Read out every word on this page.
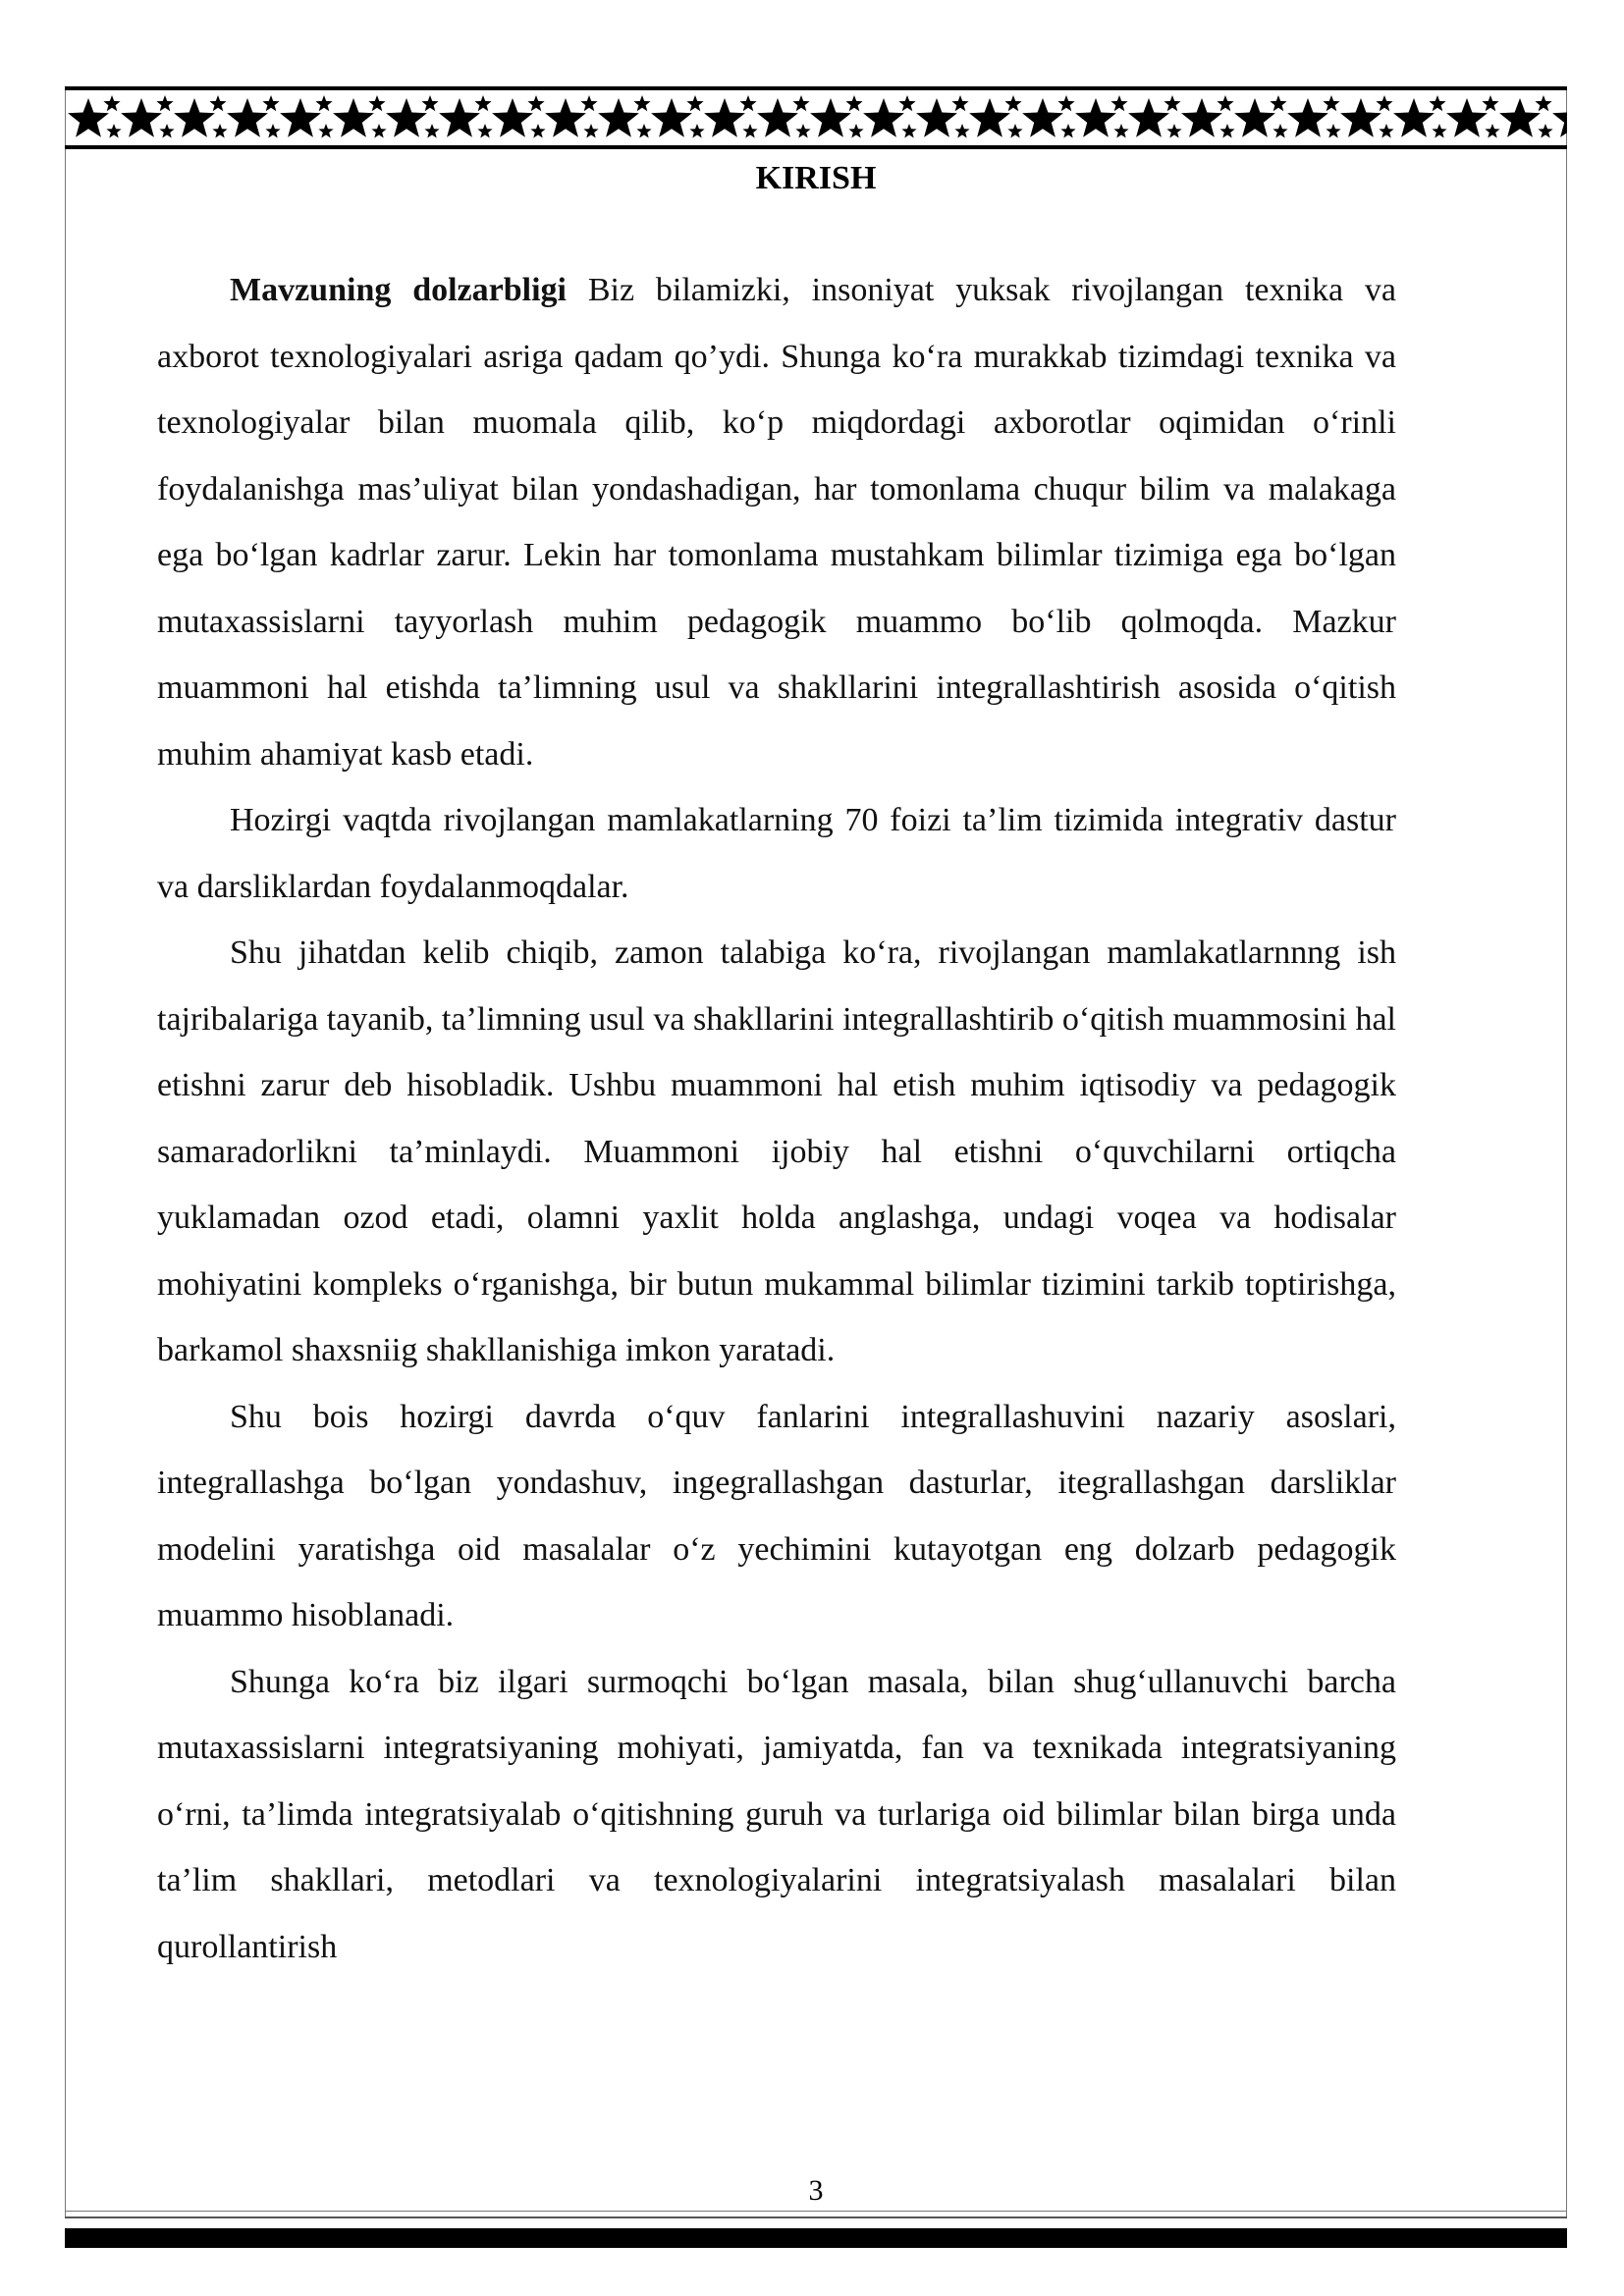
KIRISH

Mavzuning dolzarbligi Biz bilamizki, insoniyat yuksak rivojlangan texnika va axborot texnologiyalari asriga qadam qo’ydi. Shunga ko‘ra murakkab tizimdagi texnika va texnologiyalar bilan muomala qilib, ko‘p miqdordagi axborotlar oqimidan o‘rinli foydalanishga mas’uliyat bilan yondashadigan, har tomonlama chuqur bilim va malakaga ega bo‘lgan kadrlar zarur. Lekin har tomonlama mustahkam bilimlar tizimiga ega bo‘lgan mutaxassislarni tayyorlash muhim pedagogik muammo bo‘lib qolmoqda. Mazkur muammoni hal etishda ta’limning usul va shakllarini integrallashtirish asosida o‘qitish muhim ahamiyat kasb etadi.

Hozirgi vaqtda rivojlangan mamlakatlarning 70 foizi ta’lim tizimida integrativ dastur va darsliklardan foydalanmoqdalar.

Shu jihatdan kelib chiqib, zamon talabiga ko‘ra, rivojlangan mamlakatlarnnng ish tajribalariga tayanib, ta’limning usul va shakllarini integrallashtirib o‘qitish muammosini hal etishni zarur deb hisobladik. Ushbu muammoni hal etish muhim iqtisodiy va pedagogik samaradorlikni ta’minlaydi. Muammoni ijobiy hal etishni o‘quvchilarni ortiqcha yuklamadan ozod etadi, olamni yaxlit holda anglashga, undagi voqea va hodisalar mohiyatini kompleks o‘rganishga, bir butun mukammal bilimlar tizimini tarkib toptirishga, barkamol shaxsniig shakllanishiga imkon yaratadi.

Shu bois hozirgi davrda o‘quv fanlarini integrallashuvini nazariy asoslari, integrallashga bo‘lgan yondashuv, ingegrallashgan dasturlar, itegrallashgan darsliklar modelini yaratishga oid masalalar o‘z yechimini kutayotgan eng dolzarb pedagogik muammo hisoblanadi.

Shunga ko‘ra biz ilgari surmoqchi bo‘lgan masala, bilan shug‘ullanuvchi barcha mutaxassislarni integratsiyaning mohiyati, jamiyatda, fan va texnikada integratsiyaning o‘rni, ta’limda integratsiyalab o‘qitishning guruh va turlariga oid bilimlar bilan birga unda ta’lim shakllari, metodlari va texnologiyalarini integratsiyalash masalalari bilan qurollantirish

3
